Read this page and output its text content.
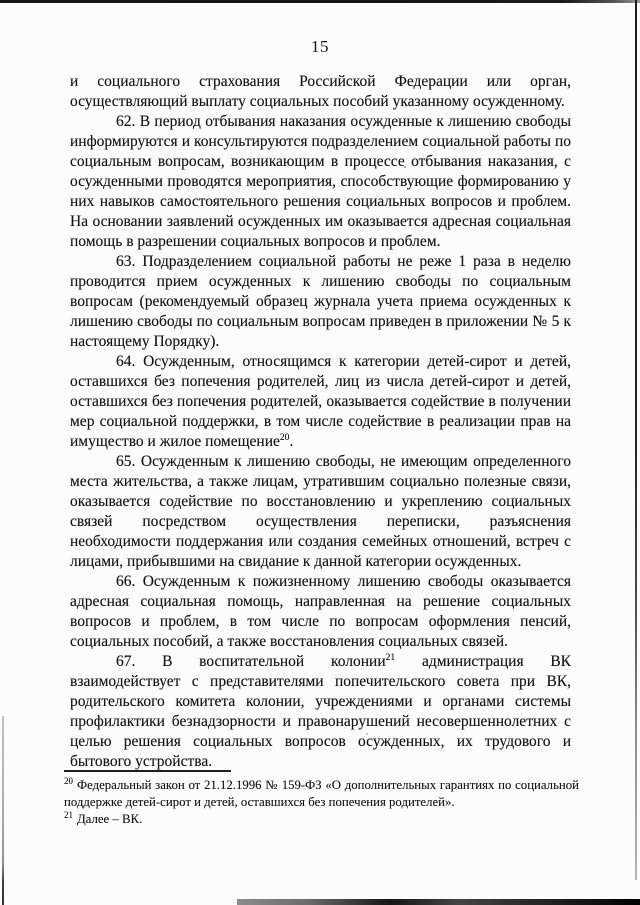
15

и социального страхования Российской Федерации или орган, осуществляющий выплату социальных пособий указанному осужденному.

62. В период отбывания наказания осужденные к лишению свободы информируются и консультируются подразделением социальной работы по социальным вопросам, возникающим в процессе отбывания наказания, с осужденными проводятся мероприятия, способствующие формированию у них навыков самостоятельного решения социальных вопросов и проблем. На основании заявлений осужденных им оказывается адресная социальная помощь в разрешении социальных вопросов и проблем.

63. Подразделением социальной работы не реже 1 раза в неделю проводится прием осужденных к лишению свободы по социальным вопросам (рекомендуемый образец журнала учета приема осужденных к лишению свободы по социальным вопросам приведен в приложении № 5 к настоящему Порядку).

64. Осужденным, относящимся к категории детей-сирот и детей, оставшихся без попечения родителей, лиц из числа детей-сирот и детей, оставшихся без попечения родителей, оказывается содействие в получении мер социальной поддержки, в том числе содействие в реализации прав на имущество и жилое помещение$^{20}$.

65. Осужденным к лишению свободы, не имеющим определенного места жительства, а также лицам, утратившим социально полезные связи, оказывается содействие по восстановлению и укреплению социальных связей посредством осуществления переписки, разъяснения необходимости поддержания или создания семейных отношений, встреч с лицами, прибывшими на свидание к данной категории осужденных.

66. Осужденным к пожизненному лишению свободы оказывается адресная социальная помощь, направленная на решение социальных вопросов и проблем, в том числе по вопросам оформления пенсий, социальных пособий, а также восстановления социальных связей.

67. В воспитательной колонии$^{21}$ администрация ВК взаимодействует с представителями попечительского совета при ВК, родительского комитета колонии, учреждениями и органами системы профилактики безнадзорности и правонарушений несовершеннолетних с целью решения социальных вопросов осужденных, их трудового и бытового устройства.

$^{20}$ Федеральный закон от 21.12.1996 № 159-ФЗ «О дополнительных гарантиях по социальной поддержке детей-сирот и детей, оставшихся без попечения родителей».

$^{21}$ Далее – ВК.
